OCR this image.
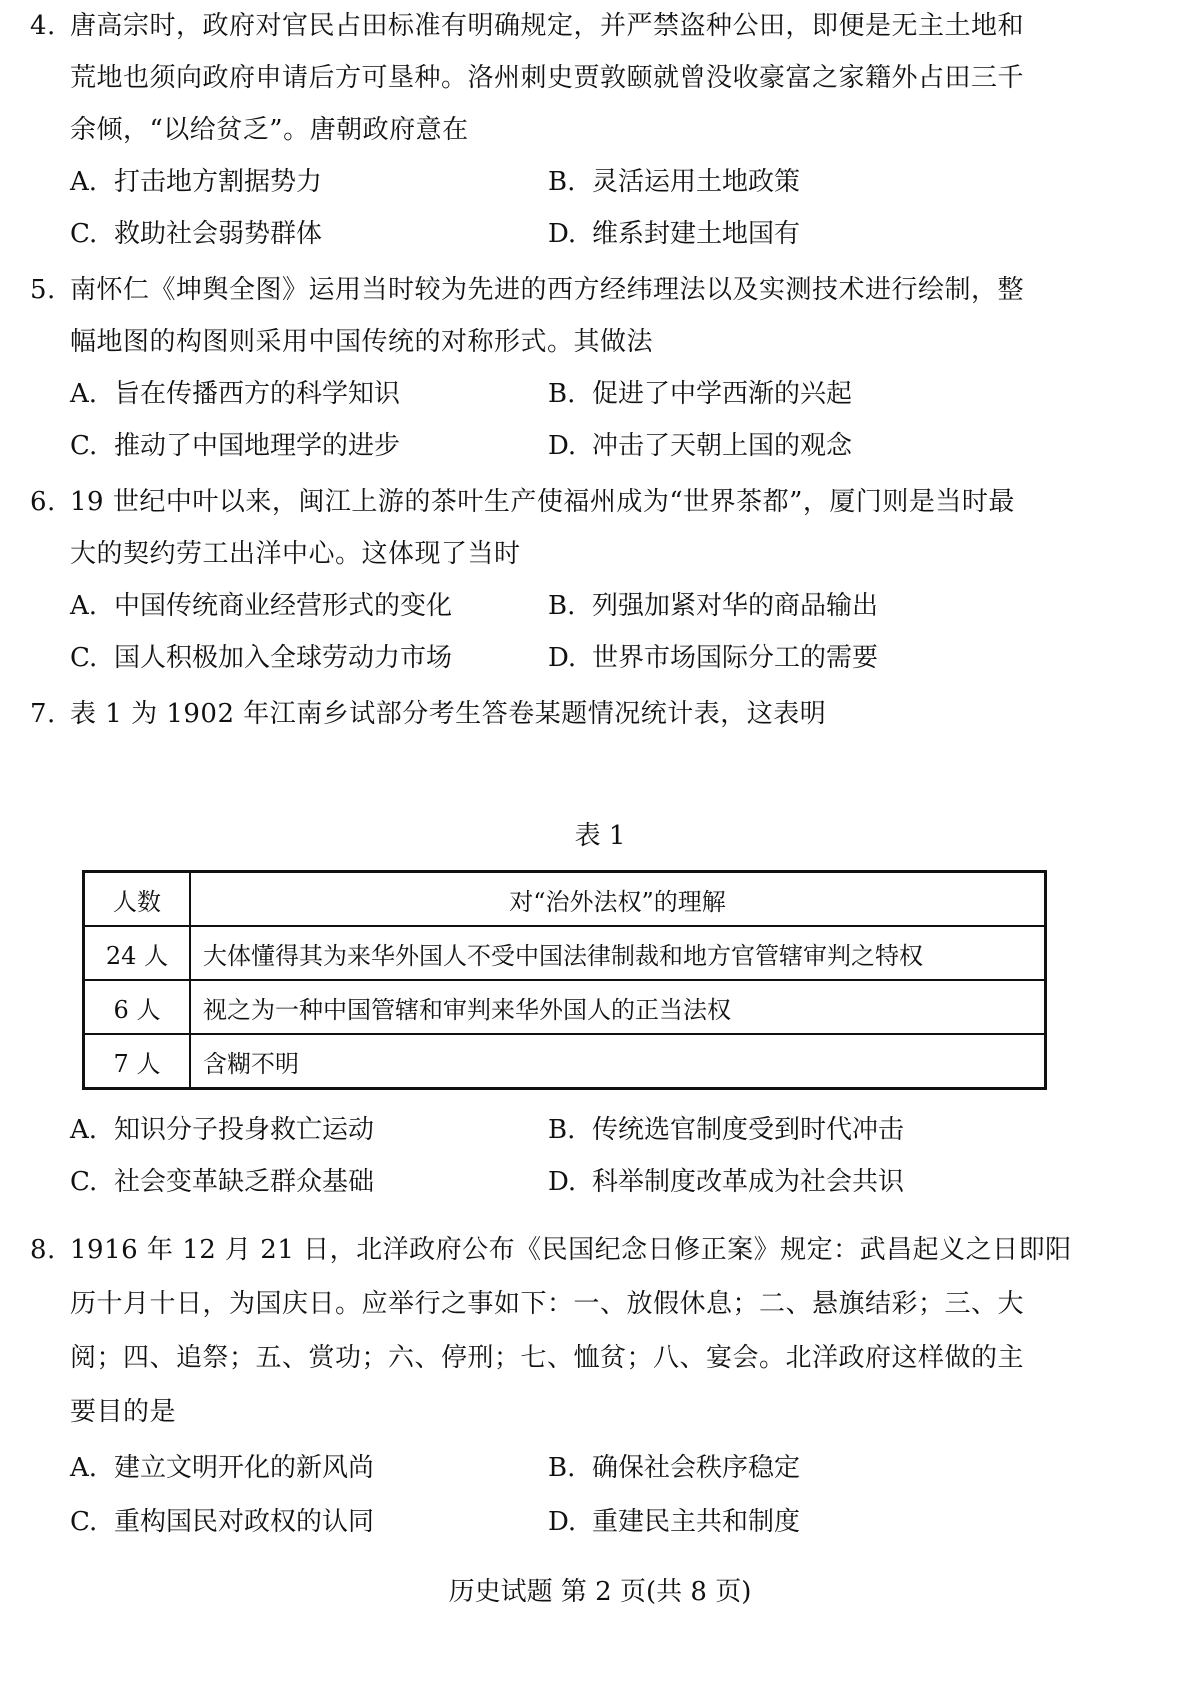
4. 唐高宗时，政府对官民占田标准有明确规定，并严禁盗种公田，即便是无主土地和
荒地也须向政府申请后方可垦种。洛州刺史贾敦颐就曾没收豪富之家籍外占田三千
余倾，“以给贫乏”。唐朝政府意在
A. 打击地方割据势力	B. 灵活运用土地政策
C. 救助社会弱势群体	D. 维系封建土地国有
5. 南怀仁《坤舆全图》运用当时较为先进的西方经纬理法以及实测技术进行绘制，整
幅地图的构图则采用中国传统的对称形式。其做法
A. 旨在传播西方的科学知识	B. 促进了中学西渐的兴起
C. 推动了中国地理学的进步	D. 冲击了天朝上国的观念
6. 19 世纪中叶以来，闽江上游的茶叶生产使福州成为“世界茶都”，厦门则是当时最
大的契约劳工出洋中心。这体现了当时
A. 中国传统商业经营形式的变化	B. 列强加紧对华的商品输出
C. 国人积极加入全球劳动力市场	D. 世界市场国际分工的需要
7. 表 1 为 1902 年江南乡试部分考生答卷某题情况统计表，这表明
表 1
人数	对“治外法权”的理解
24 人	大体懂得其为来华外国人不受中国法律制裁和地方官管辖审判之特权
6 人	视之为一种中国管辖和审判来华外国人的正当法权
7 人	含糊不明
A. 知识分子投身救亡运动	B. 传统选官制度受到时代冲击
C. 社会变革缺乏群众基础	D. 科举制度改革成为社会共识
8. 1916 年 12 月 21 日，北洋政府公布《民国纪念日修正案》规定：武昌起义之日即阳
历十月十日，为国庆日。应举行之事如下：一、放假休息；二、悬旗结彩；三、大
阅；四、追祭；五、赏功；六、停刑；七、恤贫；八、宴会。北洋政府这样做的主
要目的是
A. 建立文明开化的新风尚	B. 确保社会秩序稳定
C. 重构国民对政权的认同	D. 重建民主共和制度
历史试题 第 2 页(共 8 页)
